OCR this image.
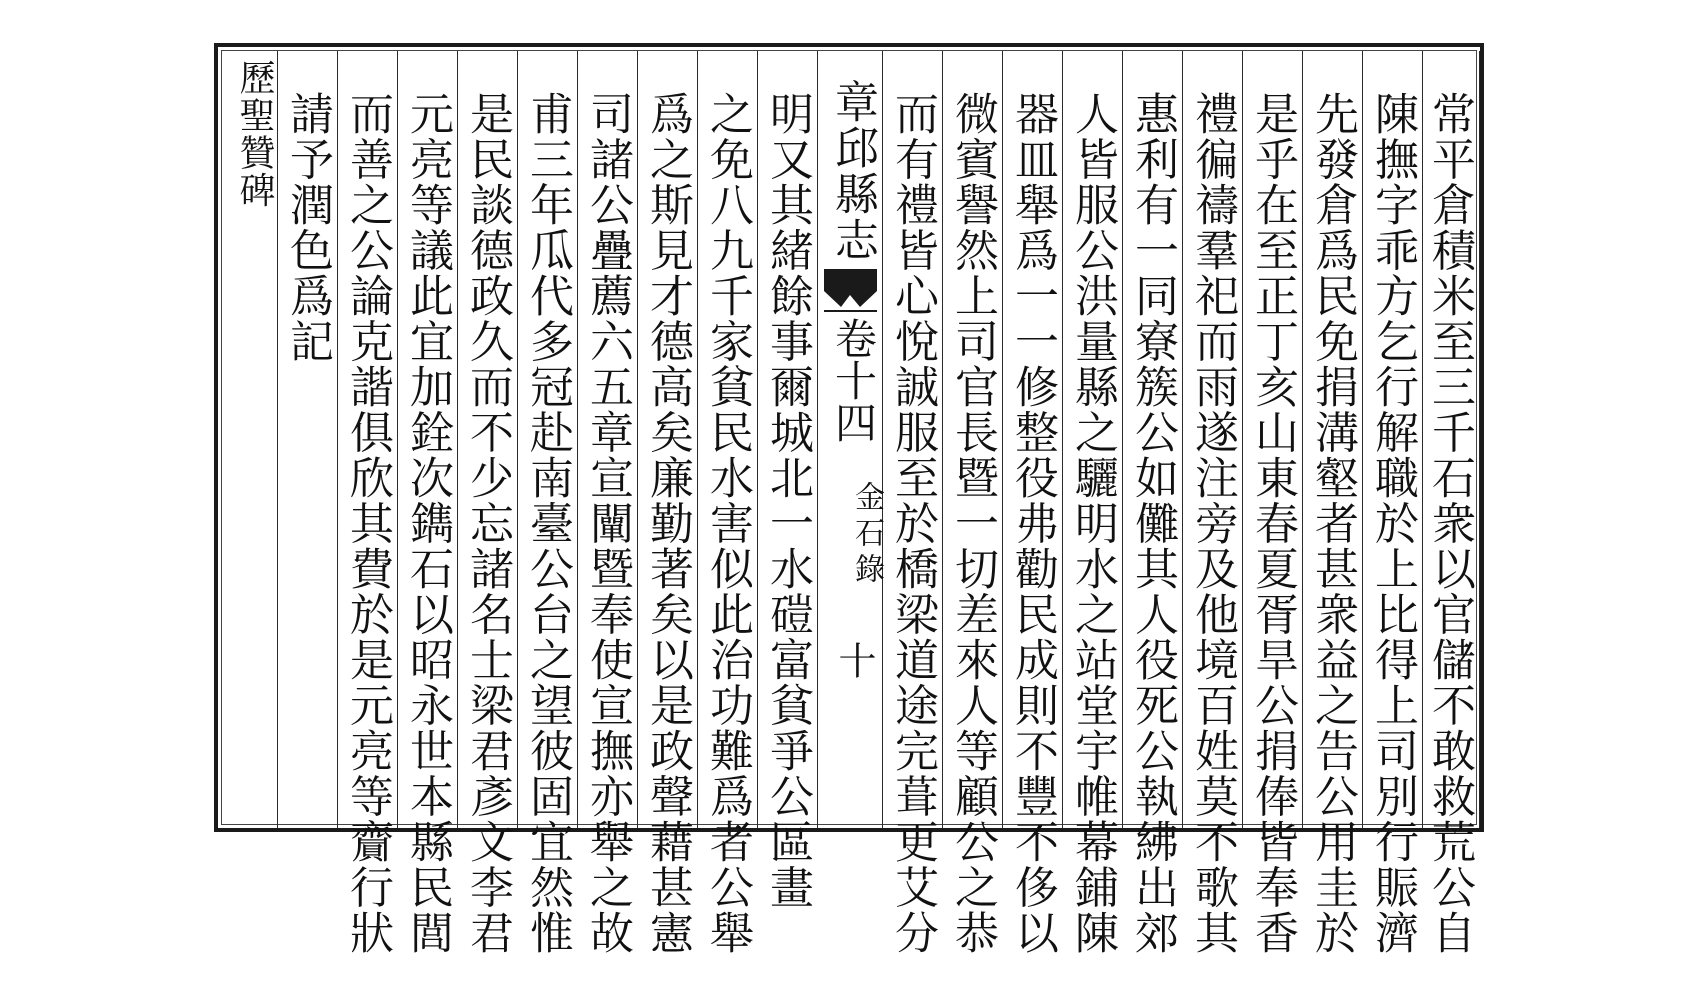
常平倉積米至三千石衆以官儲不敢救荒公自
陳撫字乖方乞行解職於上比得上司別行賑濟
先發倉爲民免捐溝壑者甚衆益之告公用圭於
是乎在至正丁亥山東春夏胥旱公捐俸皆奉香
禮徧禱羣祀而雨遂注旁及他境百姓莫不歌其
惠利有一同寮簇公如儺其人役死公執紼出郊
人皆服公洪量縣之驪明水之站堂宇帷幕鋪陳
器皿舉爲一一修整役弗勸民成則不豐不侈以
微賓譽然上司官長暨一切差來人等顧公之恭
而有禮皆心悅誠服至於橋梁道途完葺更艾分
章邱縣志
卷十四
金石錄
十
明又其緒餘事爾城北一水磑富貧爭公區畫
之免八九千家貧民水害似此治功難爲者公舉
爲之斯見才德高矣廉勤著矣以是政聲藉甚憲
司諸公疊薦六五章宣闡暨奉使宣撫亦舉之故
甫三年瓜代多冠赴南臺公台之望彼固宜然惟
是民談德政久而不少忘諸名士梁君彥文李君
元亮等議此宜加銓次鐫石以昭永世本縣民閭
而善之公論克諧俱欣其費於是元亮等齎行狀
請予潤色爲記
歷聖贊碑
